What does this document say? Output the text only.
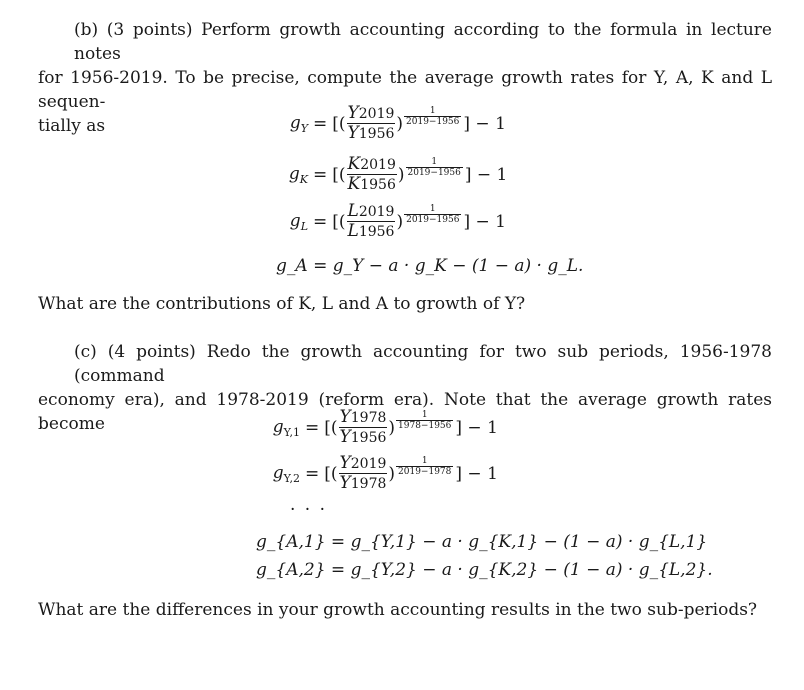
(b) (3 points) Perform growth accounting according to the formula in lecture notes
for 1956-2019. To be precise, compute the average growth rates for Y, A, K and L sequen-
tially as	$g_Y$ = [( $\frac{Y2019}{Y1956}$ )
1
2019−1956 ] − 1
$g_K$ = [( $\frac{K2019}{K1956}$ )
1
2019−1956 ] − 1
$g_L$ = [( $\frac{L2019}{L1956}$ )
1
2019−1956 ] − 1
g_A = g_Y − a · g_K − (1 − a) · g_L.
What are the contributions of K, L and A to growth of Y?
(c) (4 points) Redo the growth accounting for two sub periods, 1956-1978 (command
economy era), and 1978-2019 (reform era). Note that the average growth rates become	$g_{Y,1}$ = [( $\frac{Y1978}{Y1956}$ )
1
1978−1956 ] − 1
$g_{Y,2}$ = [( $\frac{Y2019}{Y1978}$ )
1
2019−1978 ] − 1
· · ·
g_{A,1} = g_{Y,1} − a · g_{K,1} − (1 − a) · g_{L,1}
g_{A,2} = g_{Y,2} − a · g_{K,2} − (1 − a) · g_{L,2}.
What are the differences in your growth accounting results in the two sub-periods?
